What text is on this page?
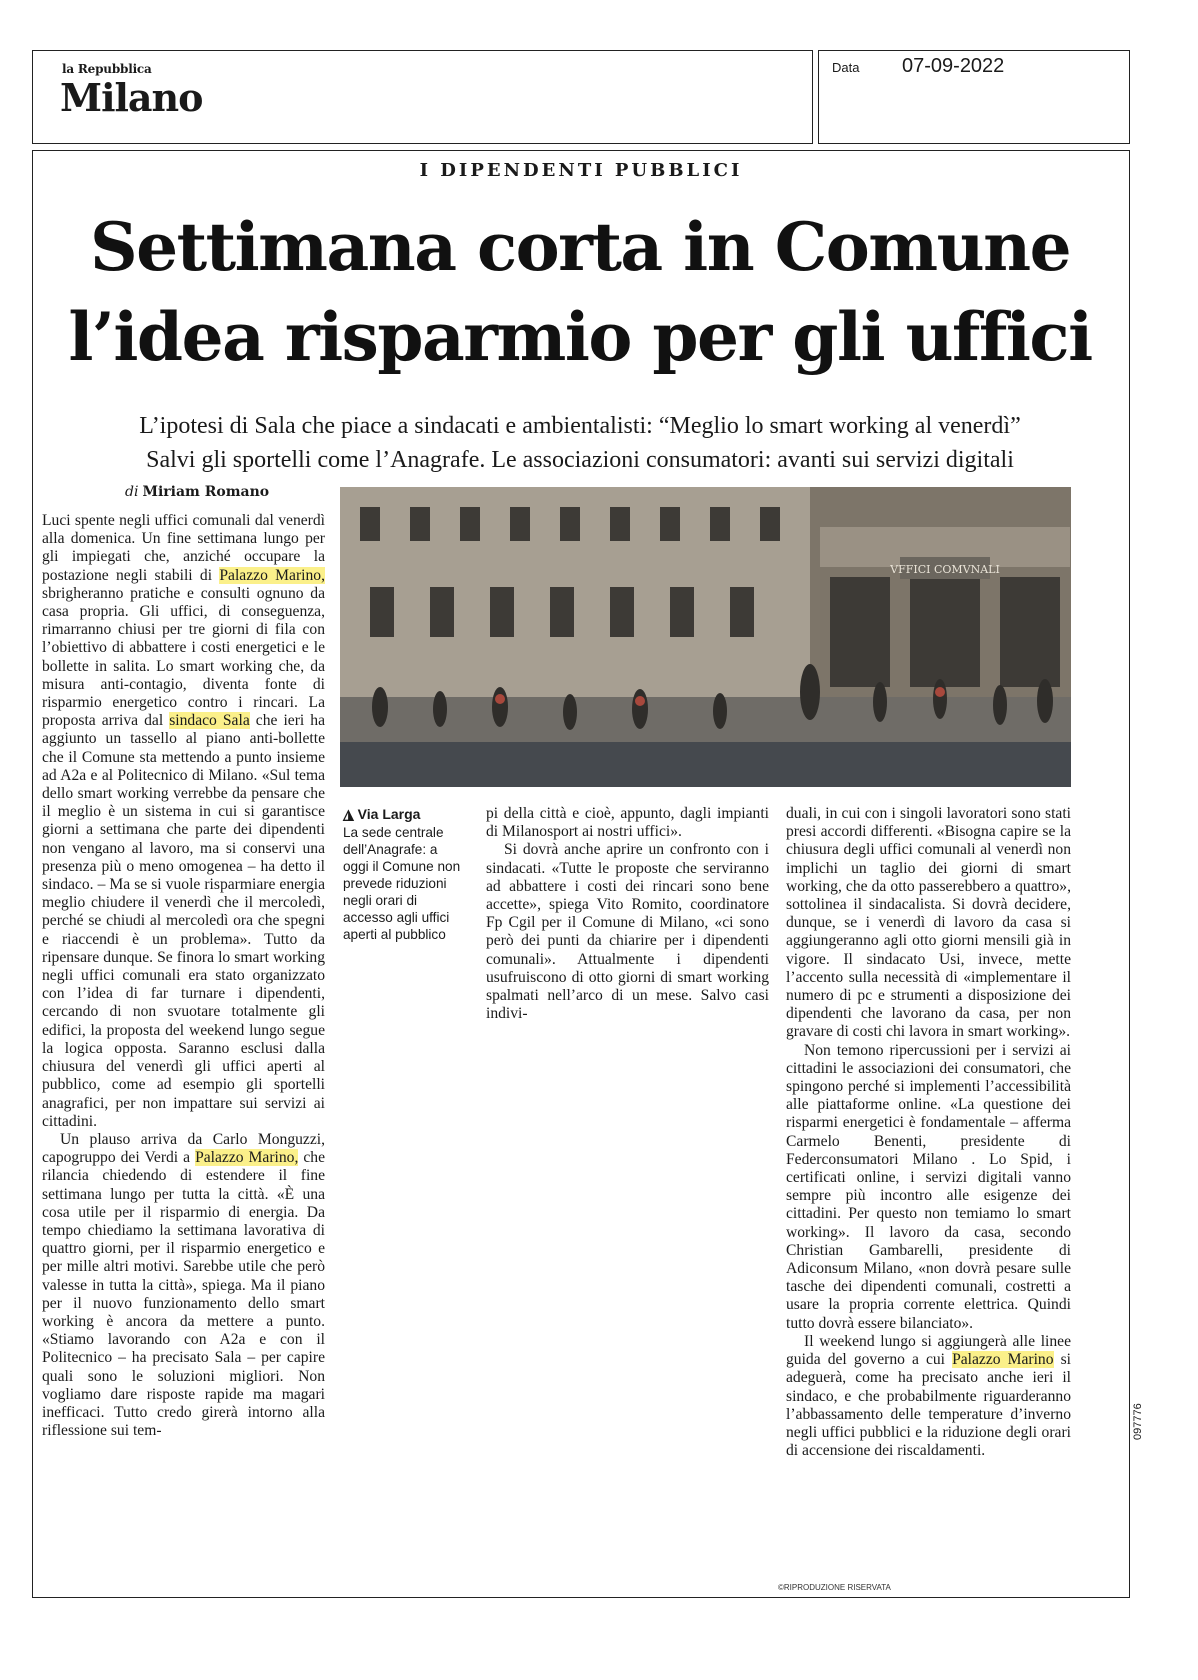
la Repubblica
Milano
Data 07-09-2022
I DIPENDENTI PUBBLICI
Settimana corta in Comune
l’idea risparmio per gli uffici
L’ipotesi di Sala che piace a sindacati e ambientalisti: “Meglio lo smart working al venerdì”
Salvi gli sportelli come l’Anagrafe. Le associazioni consumatori: avanti sui servizi digitali
di Miriam Romano

Luci spente negli uffici comunali dal venerdì alla domenica. Un fine settimana lungo per gli impiegati che, anziché occupare la postazione negli stabili di Palazzo Marino, sbrigheranno pratiche e consulti ognuno da casa propria. Gli uffici, di conseguenza, rimarranno chiusi per tre giorni di fila con l’obiettivo di abbattere i costi energetici e le bollette in salita. Lo smart working che, da misura anti-contagio, diventa fonte di risparmio energetico contro i rincari. La proposta arriva dal sindaco Sala che ieri ha aggiunto un tassello al piano anti-bollette che il Comune sta mettendo a punto insieme ad A2a e al Politecnico di Milano. «Sul tema dello smart working verrebbe da pensare che il meglio è un sistema in cui si garantisce giorni a settimana che parte dei dipendenti non vengano al lavoro, ma si conservi una presenza più o meno omogenea – ha detto il sindaco. – Ma se si vuole risparmiare energia meglio chiudere il venerdì che il mercoledì, perché se chiudi al mercoledì ora che spegni e riaccendi è un problema». Tutto da ripensare dunque. Se finora lo smart working negli uffici comunali era stato organizzato con l’idea di far turnare i dipendenti, cercando di non svuotare totalmente gli edifici, la proposta del weekend lungo segue la logica opposta. Saranno esclusi dalla chiusura del venerdì gli uffici aperti al pubblico, come ad esempio gli sportelli anagrafici, per non impattare sui servizi ai cittadini.

Un plauso arriva da Carlo Monguzzi, capogruppo dei Verdi a Palazzo Marino, che rilancia chiedendo di estendere il fine settimana lungo per tutta la città. «È una cosa utile per il risparmio di energia. Da tempo chiediamo la settimana lavorativa di quattro giorni, per il risparmio energetico e per mille altri motivi. Sarebbe utile che però valesse in tutta la città», spiega. Ma il piano per il nuovo funzionamento dello smart working è ancora da mettere a punto. «Stiamo lavorando con A2a e con il Politecnico – ha precisato Sala – per capire quali sono le soluzioni migliori. Non vogliamo dare risposte rapide ma magari inefficaci. Tutto credo girerà intorno alla riflessione sui tem-

VFFICI COMVNALI
◮ Via Larga
La sede centrale dell’Anagrafe: a oggi il Comune non prevede riduzioni negli orari di accesso agli uffici aperti al pubblico

pi della città e cioè, appunto, dagli impianti di Milanosport ai nostri uffici».

Si dovrà anche aprire un confronto con i sindacati. «Tutte le proposte che serviranno ad abbattere i costi dei rincari sono bene accette», spiega Vito Romito, coordinatore Fp Cgil per il Comune di Milano, «ci sono però dei punti da chiarire per i dipendenti comunali». Attualmente i dipendenti usufruiscono di otto giorni di smart working spalmati nell’arco di un mese. Salvo casi indivi-

duali, in cui con i singoli lavoratori sono stati presi accordi differenti. «Bisogna capire se la chiusura degli uffici comunali al venerdì non implichi un taglio dei giorni di smart working, che da otto passerebbero a quattro», sottolinea il sindacalista. Si dovrà decidere, dunque, se i venerdì di lavoro da casa si aggiungeranno agli otto giorni mensili già in vigore. Il sindacato Usi, invece, mette l’accento sulla necessità di «implementare il numero di pc e strumenti a disposizione dei dipendenti che lavorano da casa, per non gravare di costi chi lavora in smart working».

Non temono ripercussioni per i servizi ai cittadini le associazioni dei consumatori, che spingono perché si implementi l’accessibilità alle piattaforme online. «La questione dei risparmi energetici è fondamentale – afferma Carmelo Benenti, presidente di Federconsumatori Milano . Lo Spid, i certificati online, i servizi digitali vanno sempre più incontro alle esigenze dei cittadini. Per questo non temiamo lo smart working». Il lavoro da casa, secondo Christian Gambarelli, presidente di Adiconsum Milano, «non dovrà pesare sulle tasche dei dipendenti comunali, costretti a usare la propria corrente elettrica. Quindi tutto dovrà essere bilanciato».

Il weekend lungo si aggiungerà alle linee guida del governo a cui Palazzo Marino si adeguerà, come ha precisato anche ieri il sindaco, e che probabilmente riguarderanno l’abbassamento delle temperature d’inverno negli uffici pubblici e la riduzione degli orari di accensione dei riscaldamenti.

©RIPRODUZIONE RISERVATA
097776
